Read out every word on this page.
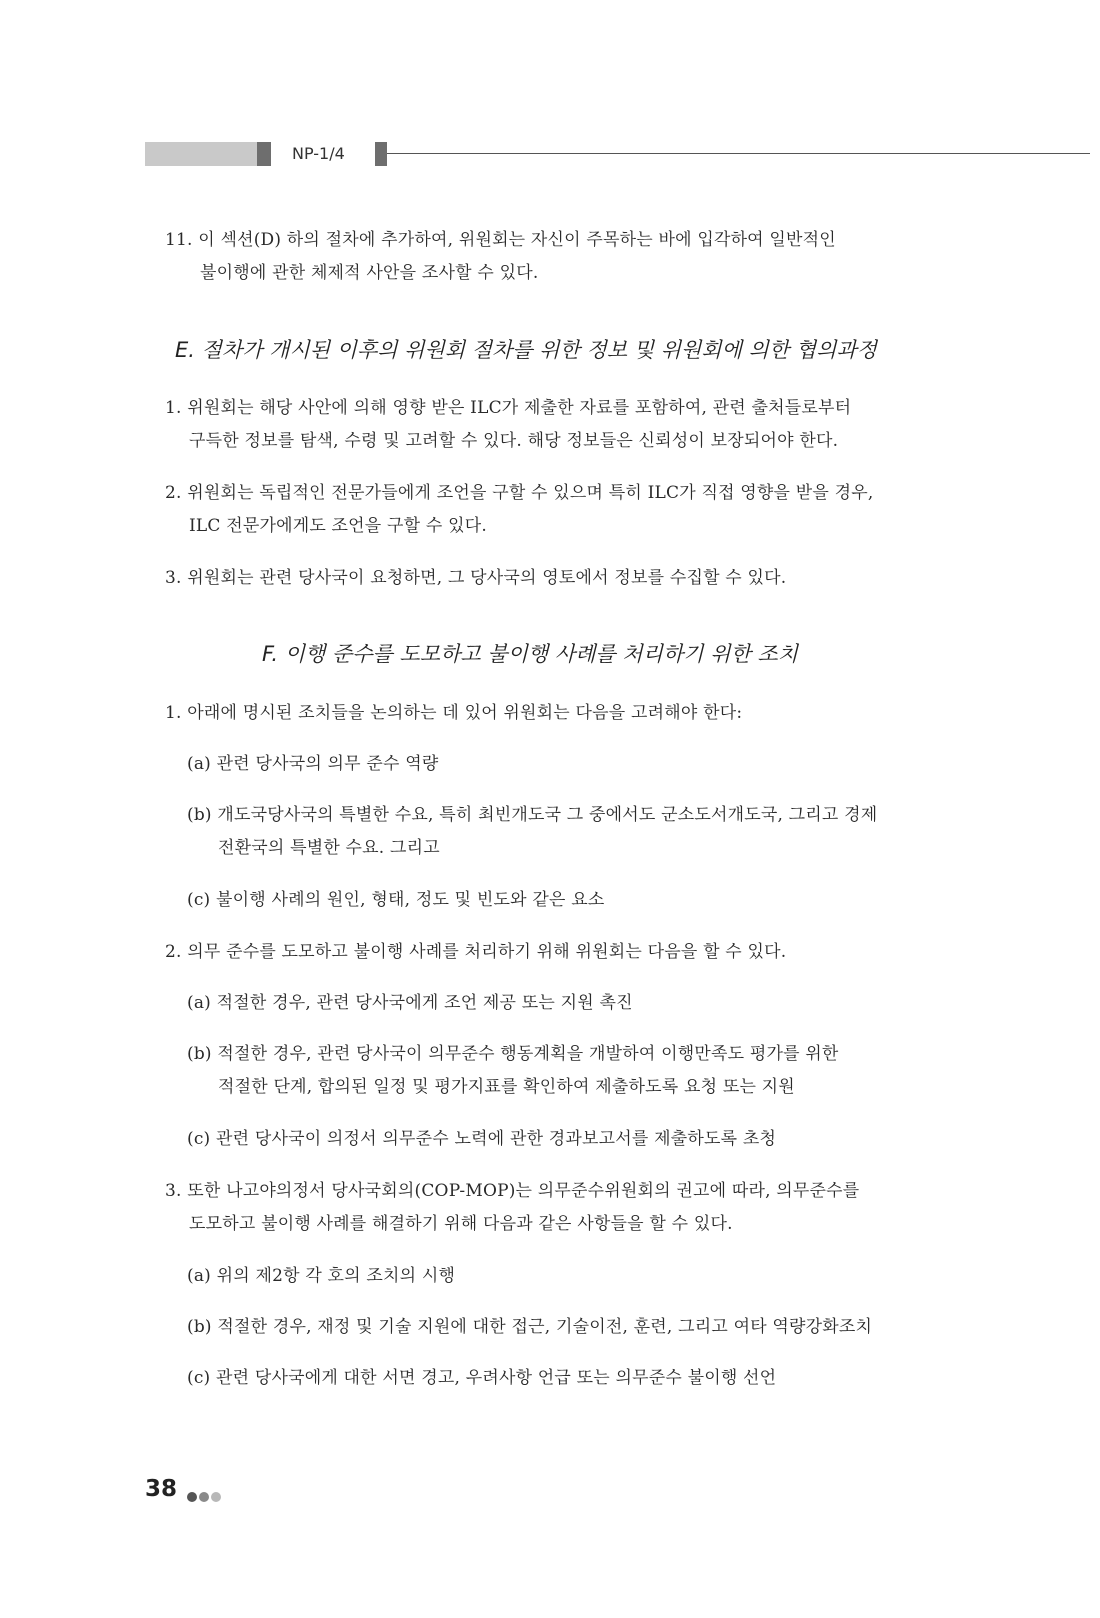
NP-1/4
11. 이 섹션(D) 하의 절차에 추가하여, 위원회는 자신이 주목하는 바에 입각하여 일반적인
불이행에 관한 체제적 사안을 조사할 수 있다.
E. 절차가 개시된 이후의 위원회 절차를 위한 정보 및 위원회에 의한 협의과정
1. 위원회는 해당 사안에 의해 영향 받은 ILC가 제출한 자료를 포함하여, 관련 출처들로부터
구득한 정보를 탐색, 수령 및 고려할 수 있다. 해당 정보들은 신뢰성이 보장되어야 한다.
2. 위원회는 독립적인 전문가들에게 조언을 구할 수 있으며 특히 ILC가 직접 영향을 받을 경우,
ILC 전문가에게도 조언을 구할 수 있다.
3. 위원회는 관련 당사국이 요청하면, 그 당사국의 영토에서 정보를 수집할 수 있다.
F. 이행 준수를 도모하고 불이행 사례를 처리하기 위한 조치
1. 아래에 명시된 조치들을 논의하는 데 있어 위원회는 다음을 고려해야 한다:
(a) 관련 당사국의 의무 준수 역량
(b) 개도국당사국의 특별한 수요, 특히 최빈개도국 그 중에서도 군소도서개도국, 그리고 경제
전환국의 특별한 수요. 그리고
(c) 불이행 사례의 원인, 형태, 정도 및 빈도와 같은 요소
2. 의무 준수를 도모하고 불이행 사례를 처리하기 위해 위원회는 다음을 할 수 있다.
(a) 적절한 경우, 관련 당사국에게 조언 제공 또는 지원 촉진
(b) 적절한 경우, 관련 당사국이 의무준수 행동계획을 개발하여 이행만족도 평가를 위한
적절한 단계, 합의된 일정 및 평가지표를 확인하여 제출하도록 요청 또는 지원
(c) 관련 당사국이 의정서 의무준수 노력에 관한 경과보고서를 제출하도록 초청
3. 또한 나고야의정서 당사국회의(COP-MOP)는 의무준수위원회의 권고에 따라, 의무준수를
도모하고 불이행 사례를 해결하기 위해 다음과 같은 사항들을 할 수 있다.
(a) 위의 제2항 각 호의 조치의 시행
(b) 적절한 경우, 재정 및 기술 지원에 대한 접근, 기술이전, 훈련, 그리고 여타 역량강화조치
(c) 관련 당사국에게 대한 서면 경고, 우려사항 언급 또는 의무준수 불이행 선언
38
